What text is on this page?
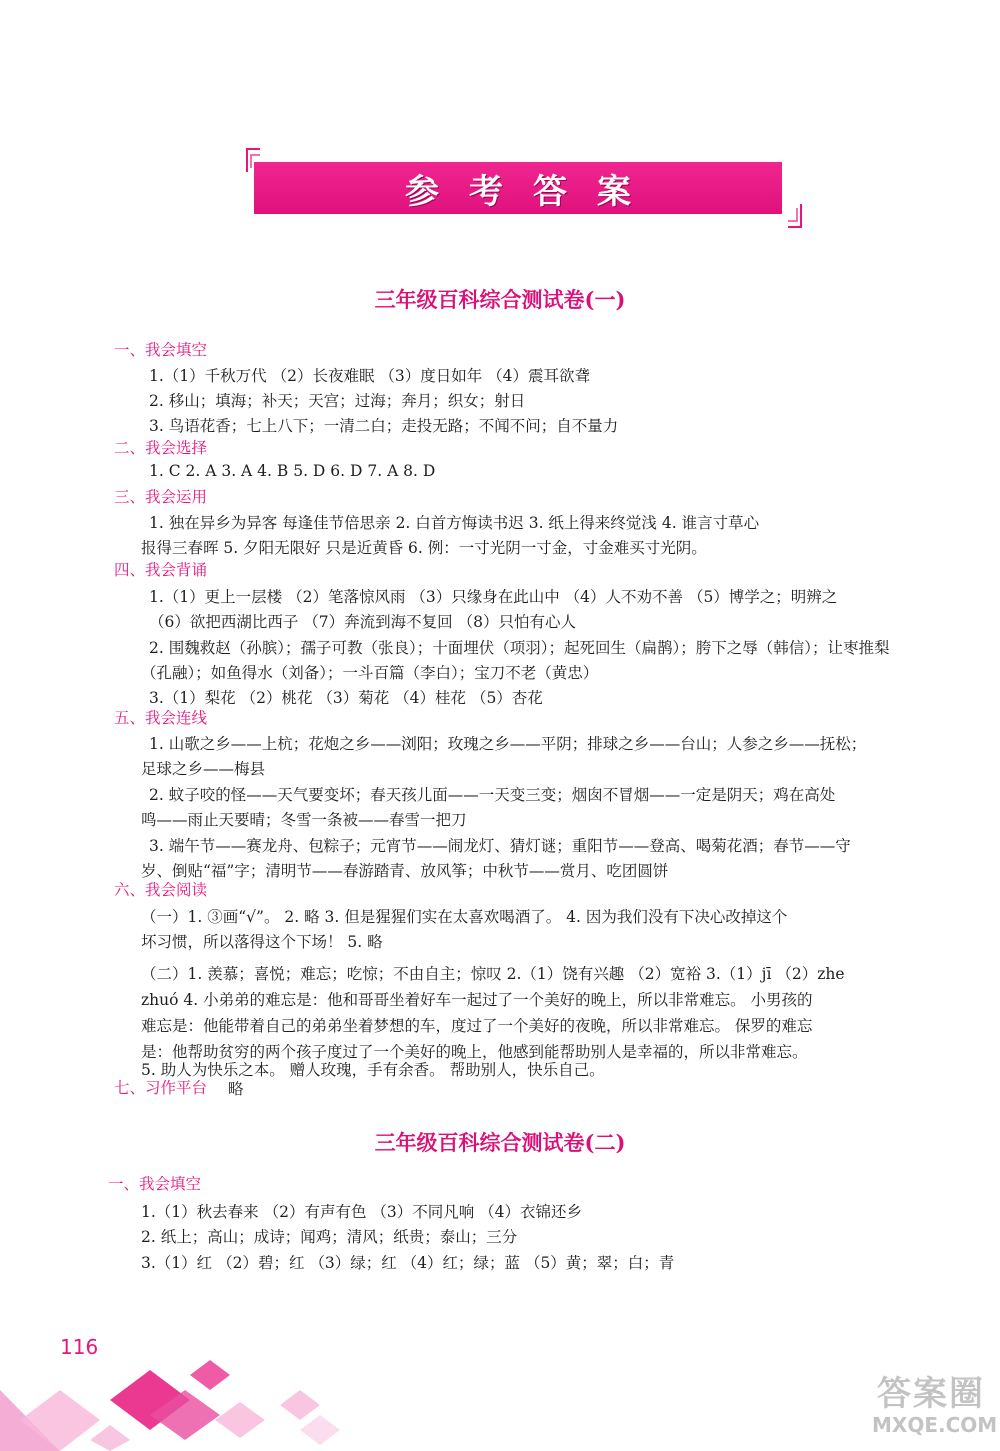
参考答案
三年级百科综合测试卷(一)
一、我会填空
1.（1）千秋万代 （2）长夜难眠 （3）度日如年 （4）震耳欲聋
2. 移山；填海；补天；天宫；过海；奔月；织女；射日
3. 鸟语花香；七上八下；一清二白；走投无路；不闻不问；自不量力
二、我会选择
1. C 2. A 3. A 4. B 5. D 6. D 7. A 8. D
三、我会运用
1. 独在异乡为异客 每逢佳节倍思亲 2. 白首方悔读书迟 3. 纸上得来终觉浅 4. 谁言寸草心
报得三春晖 5. 夕阳无限好 只是近黄昏 6. 例：一寸光阴一寸金，寸金难买寸光阴。
四、我会背诵
1.（1）更上一层楼 （2）笔落惊风雨 （3）只缘身在此山中 （4）人不劝不善 （5）博学之；明辨之
（6）欲把西湖比西子 （7）奔流到海不复回 （8）只怕有心人
2. 围魏救赵（孙膑）；孺子可教（张良）；十面埋伏（项羽）；起死回生（扁鹊）；胯下之辱（韩信）；让枣推梨
（孔融）；如鱼得水（刘备）；一斗百篇（李白）；宝刀不老（黄忠）
3.（1）梨花 （2）桃花 （3）菊花 （4）桂花 （5）杏花
五、我会连线
1. 山歌之乡——上杭；花炮之乡——浏阳；玫瑰之乡——平阴；排球之乡——台山；人参之乡——抚松；
足球之乡——梅县
2. 蚊子咬的怪——天气要变坏；春天孩儿面——一天变三变；烟囱不冒烟——一定是阴天；鸡在高处
鸣——雨止天要晴；冬雪一条被——春雪一把刀
3. 端午节——赛龙舟、包粽子；元宵节——闹龙灯、猜灯谜；重阳节——登高、喝菊花酒；春节——守
岁、倒贴“福”字；清明节——春游踏青、放风筝；中秋节——赏月、吃团圆饼
六、我会阅读
（一）1. ③画“√”。 2. 略 3. 但是猩猩们实在太喜欢喝酒了。 4. 因为我们没有下决心改掉这个
坏习惯，所以落得这个下场！ 5. 略
（二）1. 羡慕；喜悦；难忘；吃惊；不由自主；惊叹 2.（1）饶有兴趣 （2）宽裕 3.（1）jī （2）zhe
zhuó 4. 小弟弟的难忘是：他和哥哥坐着好车一起过了一个美好的晚上，所以非常难忘。 小男孩的
难忘是：他能带着自己的弟弟坐着梦想的车，度过了一个美好的夜晚，所以非常难忘。 保罗的难忘
是：他帮助贫穷的两个孩子度过了一个美好的晚上，他感到能帮助别人是幸福的，所以非常难忘。
5. 助人为快乐之本。 赠人玫瑰，手有余香。 帮助别人，快乐自己。
七、习作平台 略
三年级百科综合测试卷(二)
一、我会填空
1.（1）秋去春来 （2）有声有色 （3）不同凡响 （4）衣锦还乡
2. 纸上；高山；成诗；闻鸡；清风；纸贵；泰山；三分
3.（1）红 （2）碧；红 （3）绿；红 （4）红；绿；蓝 （5）黄；翠；白；青
116
答案圈
MXQE.COM
